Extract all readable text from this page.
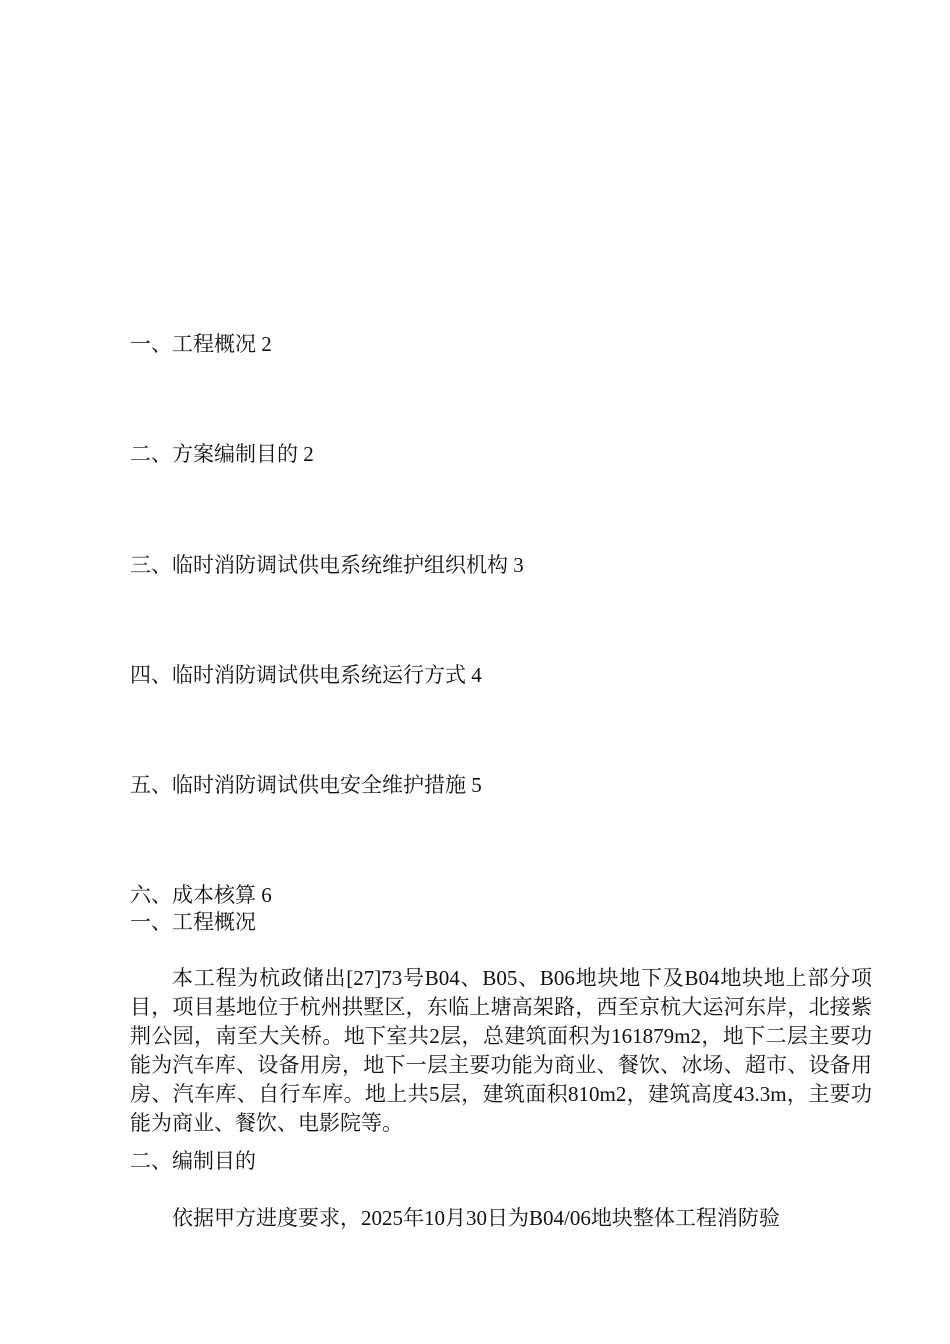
一、工程概况 2
二、方案编制目的 2
三、临时消防调试供电系统维护组织机构 3
四、临时消防调试供电系统运行方式 4
五、临时消防调试供电安全维护措施 5
六、成本核算 6
一、工程概况
本工程为杭政储出[27]73号B04、B05、B06地块地下及B04地块地上部分项目，项目基地位于杭州拱墅区，东临上塘高架路，西至京杭大运河东岸，北接紫荆公园，南至大关桥。地下室共2层，总建筑面积为161879m2，地下二层主要功能为汽车库、设备用房，地下一层主要功能为商业、餐饮、冰场、超市、设备用房、汽车库、自行车库。地上共5层，建筑面积810m2，建筑高度43.3m，主要功能为商业、餐饮、电影院等。
二、编制目的
依据甲方进度要求，2025年10月30日为B04/06地块整体工程消防验
